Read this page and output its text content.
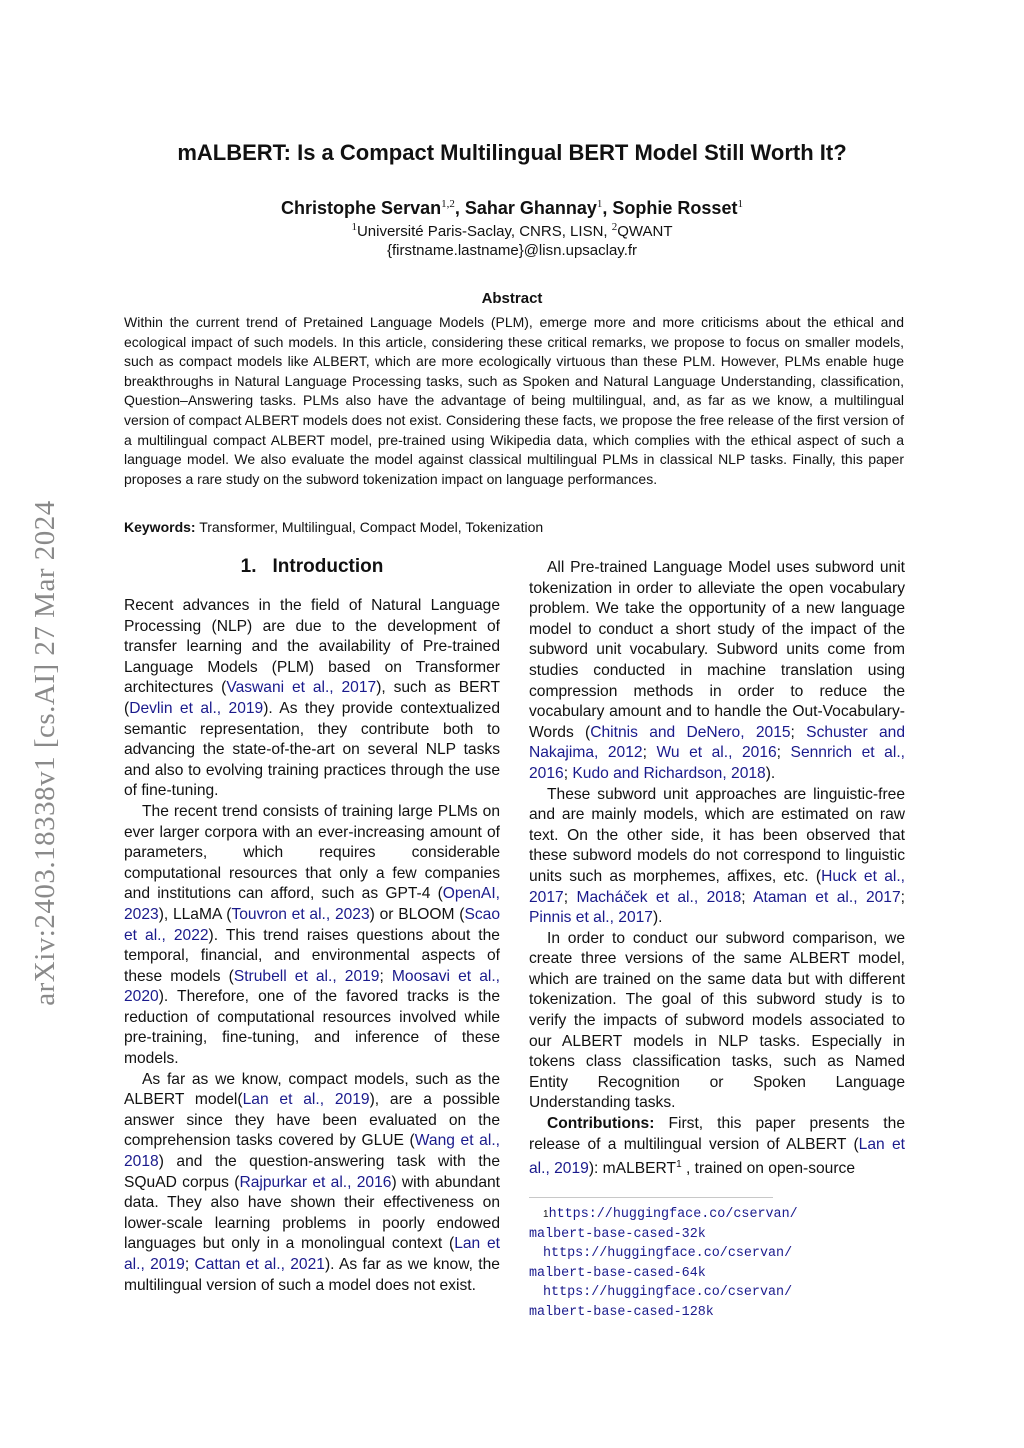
arXiv:2403.18338v1 [cs.AI] 27 Mar 2024
mALBERT: Is a Compact Multilingual BERT Model Still Worth It?
Christophe Servan$^{1,2}$, Sahar Ghannay$^1$, Sophie Rosset$^1$
$^1$Université Paris-Saclay, CNRS, LISN, $^2$QWANT
{firstname.lastname}@lisn.upsaclay.fr
Abstract

Within the current trend of Pretained Language Models (PLM), emerge more and more criticisms about the ethical and ecological impact of such models. In this article, considering these critical remarks, we propose to focus on smaller models, such as compact models like ALBERT, which are more ecologically virtuous than these PLM. However, PLMs enable huge breakthroughs in Natural Language Processing tasks, such as Spoken and Natural Language Understanding, classification, Question–Answering tasks. PLMs also have the advantage of being multilingual, and, as far as we know, a multilingual version of compact ALBERT models does not exist. Considering these facts, we propose the free release of the first version of a multilingual compact ALBERT model, pre-trained using Wikipedia data, which complies with the ethical aspect of such a language model. We also evaluate the model against classical multilingual PLMs in classical NLP tasks. Finally, this paper proposes a rare study on the subword tokenization impact on language performances.

Keywords: Transformer, Multilingual, Compact Model, Tokenization
1. Introduction

Recent advances in the field of Natural Language Processing (NLP) are due to the development of transfer learning and the availability of Pre-trained Language Models (PLM) based on Transformer architectures (Vaswani et al., 2017), such as BERT (Devlin et al., 2019). As they provide contextualized semantic representation, they contribute both to advancing the state-of-the-art on several NLP tasks and also to evolving training practices through the use of fine-tuning.

The recent trend consists of training large PLMs on ever larger corpora with an ever-increasing amount of parameters, which requires considerable computational resources that only a few companies and institutions can afford, such as GPT-4 (OpenAI, 2023), LLaMA (Touvron et al., 2023) or BLOOM (Scao et al., 2022). This trend raises questions about the temporal, financial, and environmental aspects of these models (Strubell et al., 2019; Moosavi et al., 2020). Therefore, one of the favored tracks is the reduction of computational resources involved while pre-training, fine-tuning, and inference of these models.

As far as we know, compact models, such as the ALBERT model(Lan et al., 2019), are a possible answer since they have been evaluated on the comprehension tasks covered by GLUE (Wang et al., 2018) and the question-answering task with the SQuAD corpus (Rajpurkar et al., 2016) with abundant data. They also have shown their effectiveness on lower-scale learning problems in poorly endowed languages but only in a monolingual context (Lan et al., 2019; Cattan et al., 2021). As far as we know, the multilingual version of such a model does not exist.

All Pre-trained Language Model uses subword unit tokenization in order to alleviate the open vocabulary problem. We take the opportunity of a new language model to conduct a short study of the impact of the subword unit vocabulary. Subword units come from studies conducted in machine translation using compression methods in order to reduce the vocabulary amount and to handle the Out-Vocabulary-Words (Chitnis and DeNero, 2015; Schuster and Nakajima, 2012; Wu et al., 2016; Sennrich et al., 2016; Kudo and Richardson, 2018).

These subword unit approaches are linguistic-free and are mainly models, which are estimated on raw text. On the other side, it has been observed that these subword models do not correspond to linguistic units such as morphemes, affixes, etc. (Huck et al., 2017; Macháček et al., 2018; Ataman et al., 2017; Pinnis et al., 2017).

In order to conduct our subword comparison, we create three versions of the same ALBERT model, which are trained on the same data but with different tokenization. The goal of this subword study is to verify the impacts of subword models associated to our ALBERT models in NLP tasks. Especially in tokens class classification tasks, such as Named Entity Recognition or Spoken Language Understanding tasks.

Contributions: First, this paper presents the release of a multilingual version of ALBERT (Lan et al., 2019): mALBERT$^1$ , trained on open-source

$^1$https://huggingface.co/cservan/
malbert-base-cased-32k
https://huggingface.co/cservan/
malbert-base-cased-64k
https://huggingface.co/cservan/
malbert-base-cased-128k
